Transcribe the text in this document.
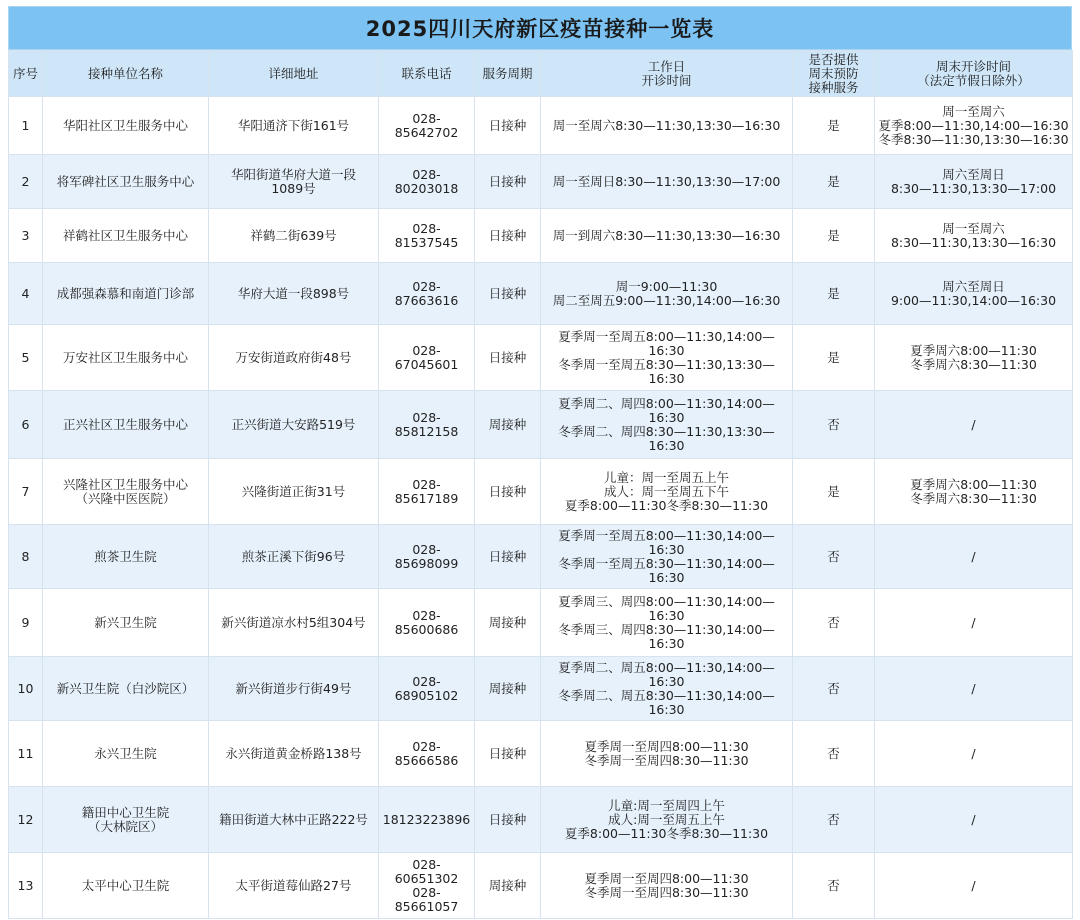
2025四川天府新区疫苗接种一览表
序号	接种单位名称	详细地址	联系电话	服务周期	工作日
开诊时间	是否提供
周末预防
接种服务	周末开诊时间
（法定节假日除外）
1	华阳社区卫生服务中心	华阳通济下街161号	028-85642702	日接种	周一至周六8:30—11:30,13:30—16:30	是	周一至周六
夏季8:00—11:30,14:00—16:30
冬季8:30—11:30,13:30—16:30
2	将军碑社区卫生服务中心	华阳街道华府大道一段
1089号	028-80203018	日接种	周一至周日8:30—11:30,13:30—17:00	是	周六至周日
8:30—11:30,13:30—17:00
3	祥鹤社区卫生服务中心	祥鹤二街639号	028-81537545	日接种	周一到周六8:30—11:30,13:30—16:30	是	周一至周六
8:30—11:30,13:30—16:30
4	成都强森慕和南道门诊部	华府大道一段898号	028-87663616	日接种	周一9:00—11:30
周二至周五9:00—11:30,14:00—16:30	是	周六至周日
9:00—11:30,14:00—16:30
5	万安社区卫生服务中心	万安街道政府街48号	028-67045601	日接种	夏季周一至周五8:00—11:30,14:00—16:30
冬季周一至周五8:30—11:30,13:30—16:30	是	夏季周六8:00—11:30
冬季周六8:30—11:30
6	正兴社区卫生服务中心	正兴街道大安路519号	028-85812158	周接种	夏季周二、周四8:00—11:30,14:00—16:30
冬季周二、周四8:30—11:30,13:30—16:30	否	/
7	兴隆社区卫生服务中心
（兴隆中医医院）	兴隆街道正街31号	028-85617189	日接种	儿童：周一至周五上午
成人：周一至周五下午
夏季8:00—11:30冬季8:30—11:30	是	夏季周六8:00—11:30
冬季周六8:30—11:30
8	煎茶卫生院	煎茶正溪下街96号	028-85698099	日接种	夏季周一至周五8:00—11:30,14:00—16:30
冬季周一至周五8:30—11:30,14:00—16:30	否	/
9	新兴卫生院	新兴街道凉水村5组304号	028-85600686	周接种	夏季周三、周四8:00—11:30,14:00—16:30
冬季周三、周四8:30—11:30,14:00—16:30	否	/
10	新兴卫生院（白沙院区）	新兴街道步行街49号	028-68905102	周接种	夏季周二、周五8:00—11:30,14:00—16:30
冬季周二、周五8:30—11:30,14:00—16:30	否	/
11	永兴卫生院	永兴街道黄金桥路138号	028-85666586	日接种	夏季周一至周四8:00—11:30
冬季周一至周四8:30—11:30	否	/
12	籍田中心卫生院
（大林院区）	籍田街道大林中正路222号	18123223896	日接种	儿童:周一至周四上午
成人:周一至周五上午
夏季8:00—11:30冬季8:30—11:30	否	/
13	太平中心卫生院	太平街道莓仙路27号	028-60651302
028-85661057	周接种	夏季周一至周四8:00—11:30
冬季周一至周四8:30—11:30	否	/
